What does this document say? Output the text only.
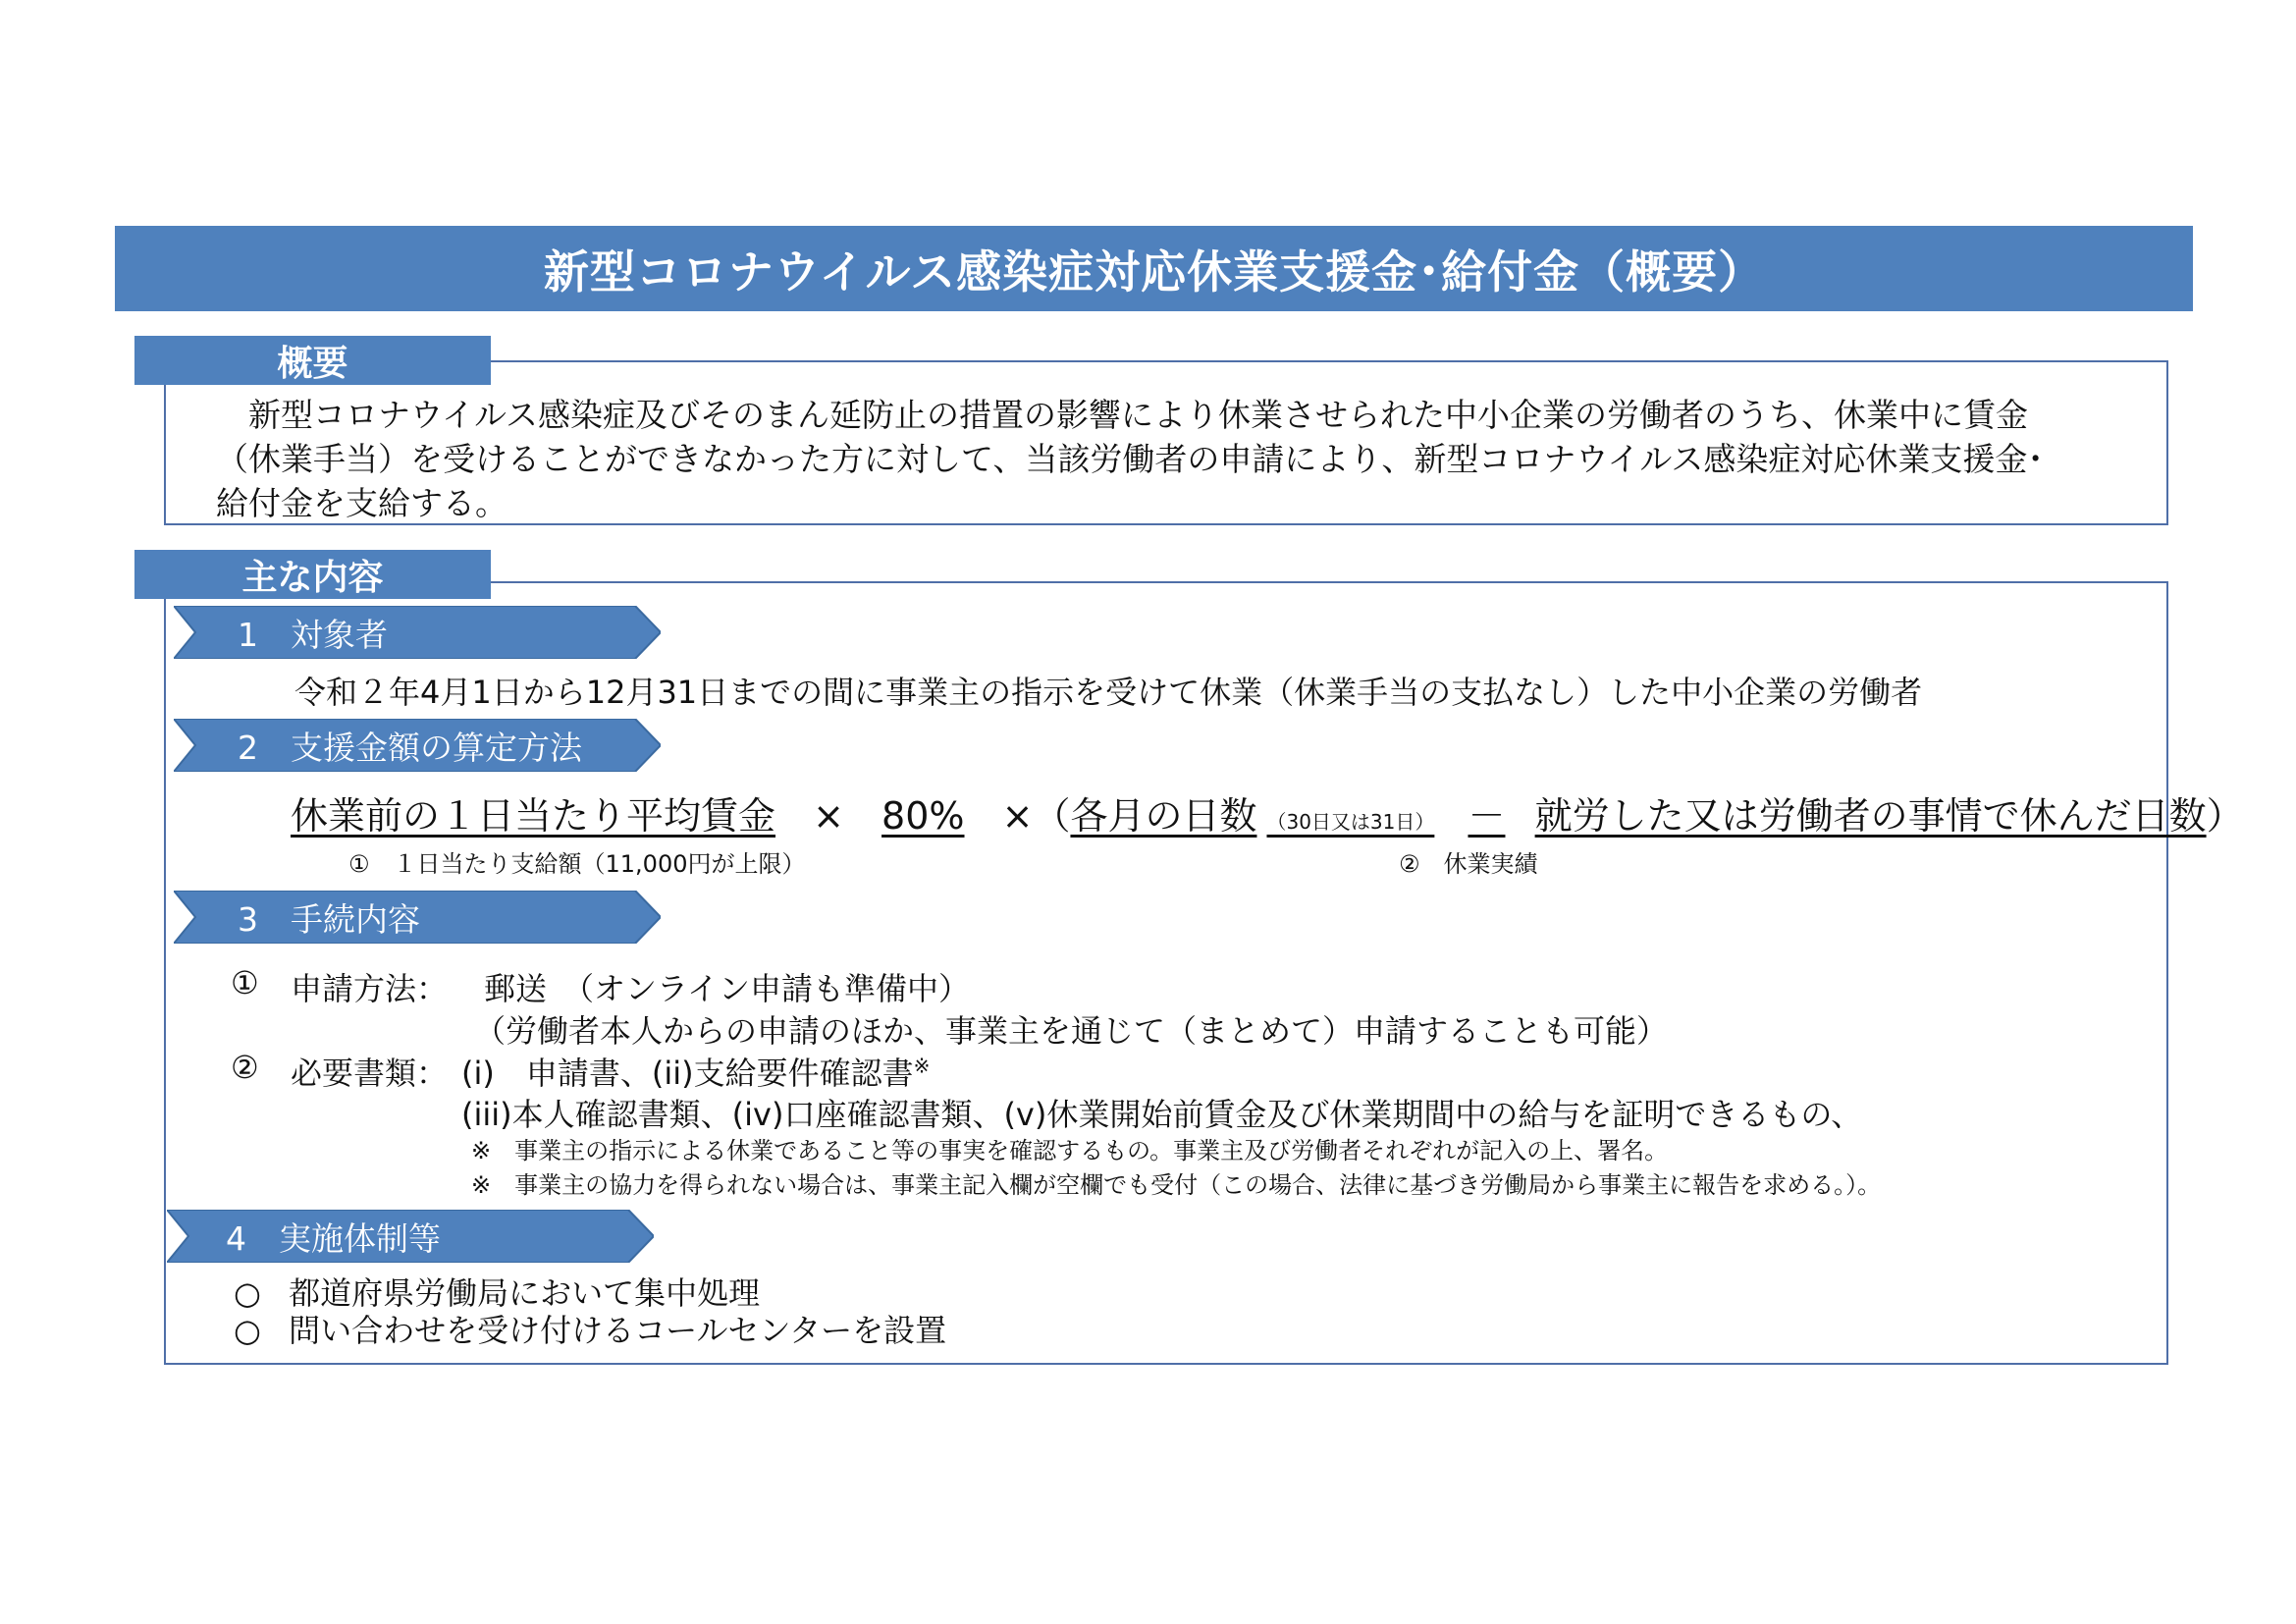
新型コロナウイルス感染症対応休業支援金･給付金（概要）
概要
　新型コロナウイルス感染症及びそのまん延防止の措置の影響により休業させられた中小企業の労働者のうち、休業中に賃金
（休業手当）を受けることができなかった方に対して、当該労働者の申請により、新型コロナウイルス感染症対応休業支援金･
給付金を支給する。
主な内容
1　対象者
令和２年4月1日から12月31日までの間に事業主の指示を受けて休業（休業手当の支払なし）した中小企業の労働者
2　支援金額の算定方法
休業前の１日当たり平均賃金 × 80% ×（各月の日数 （30日又は31日） － 就労した又は労働者の事情で休んだ日数）
①　１日当たり支給額（11,000円が上限）	②　休業実績
3　手続内容
① 申請方法： 郵送　（オンライン申請も準備中）
（労働者本人からの申請のほか、事業主を通じて（まとめて）申請することも可能）
② 必要書類： (i)　申請書、(ii)支給要件確認書※
(iii)本人確認書類、(iv)口座確認書類、(v)休業開始前賃金及び休業期間中の給与を証明できるもの、
※　事業主の指示による休業であること等の事実を確認するもの。事業主及び労働者それぞれが記入の上、署名。
※　事業主の協力を得られない場合は、事業主記入欄が空欄でも受付（この場合、法律に基づき労働局から事業主に報告を求める。）。
4　実施体制等
○ 都道府県労働局において集中処理
○ 問い合わせを受け付けるコールセンターを設置
